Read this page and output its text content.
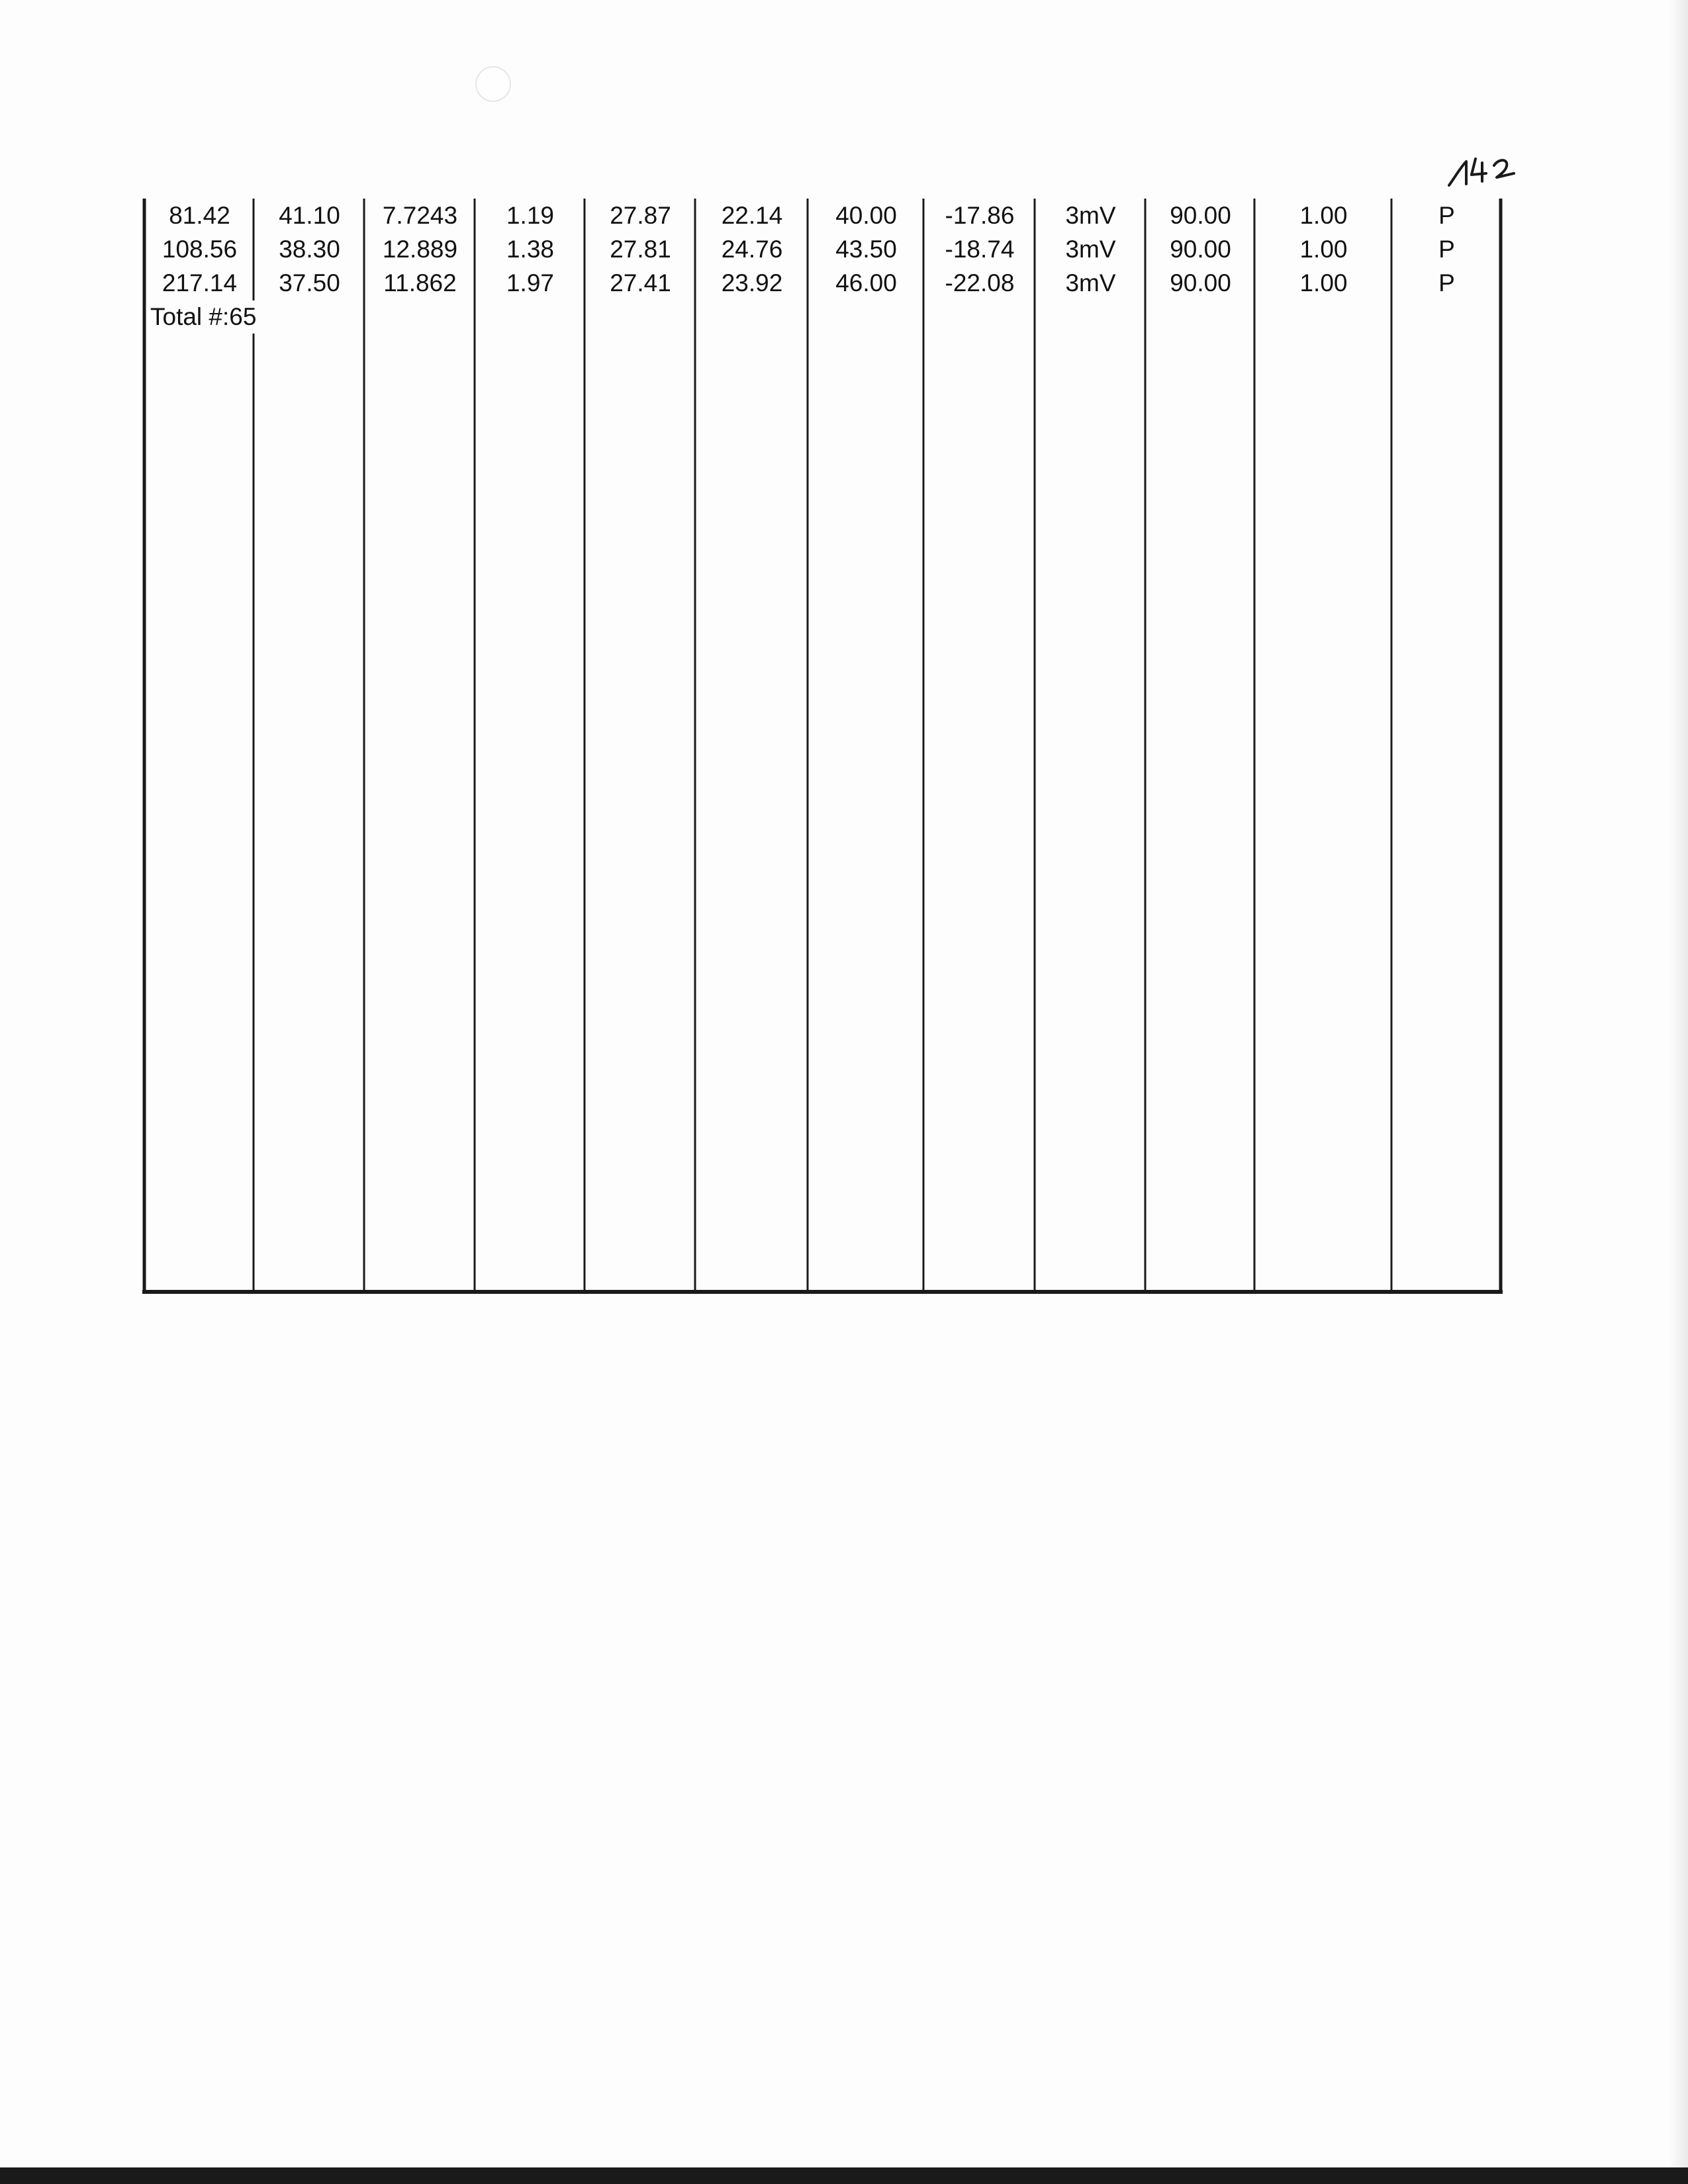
81.42	41.10	7.7243	1.19	27.87	22.14	40.00	-17.86	3mV	90.00	1.00	P
108.56	38.30	12.889	1.38	27.81	24.76	43.50	-18.74	3mV	90.00	1.00	P
217.14	37.50	11.862	1.97	27.41	23.92	46.00	-22.08	3mV	90.00	1.00	P
Total #:65
